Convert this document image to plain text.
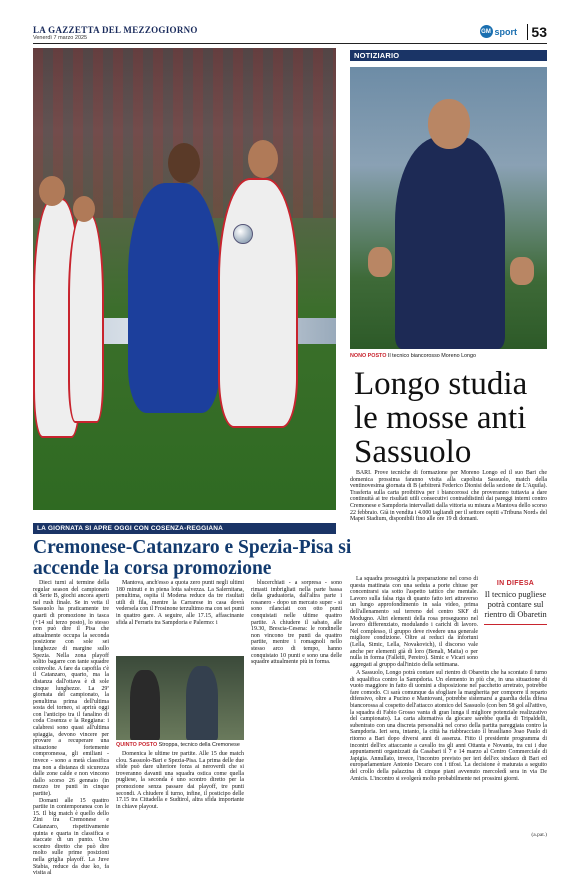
LA GAZZETTA DEL MEZZOGIORNO
Venerdì 7 marzo 2025
GM sport 53
NOTIZIARIO
NONO POSTO Il tecnico biancorosso Moreno Longo
Longo studia le mosse anti Sassuolo

BARI. Prove tecniche di formazione per Moreno Longo ed il suo Bari che domenica prossima faranno visita alla capolista Sassuolo, match della ventinovesima giornata di B (arbitrerà Federico Dionisi della sezione de L'Aquila). Trasferta sulla carta proibitiva per i biancorossi che proveranno tuttavia a dare continuità ai tre risultati utili consecutivi contraddistinti dai pareggi interni contro Cremonese e Sampdoria intervallati dalla vittoria su misura a Mantova dello scorso 22 febbraio. Già in vendita i 4.000 tagliandi per il settore ospiti «Tribuna Nord» del Mapei Stadium, disponibili fino alle ore 19 di domani.

La squadra proseguirà la preparazione nel corso di questa mattinata con una seduta a porte chiuse per concentrarsi sia sotto l'aspetto tattico che mentale. Lavoro sulla falsa riga di quanto fatto ieri attraverso un lungo approfondimento in sala video, prima dell'allenamento sul terreno del centro SKF di Modugno. Altri elementi della rosa proseguono nel lavoro differenziato, modulando i carichi di lavoro. Nel complesso, il gruppo deve rivedere una generale migliore condizione. Oltre ai reduci da infortuni (Lella, Simic, Lella, Novakovich), il discorso vale anche per elementi già di loro (Benali, Maita) o per nulla in forma (Falletti, Pereiro). Simic e Vicari sono aggregati al gruppo dall'inizio della settimana.

IN DIFESA
Il tecnico pugliese potrà contare sul rientro di Obaretin

A Sassuolo, Longo potrà contare sul rientro di Obaretin che ha scontato il turno di squalifica contro la Sampdoria. Un elemento in più che, in una situazione di vuoto maggiore in fatto di uomini a disposizione nel pacchetto arretrato, potrebbe fare comodo. Ci sarà comunque da sfogliare la margherita per comporre il reparto difensivo, oltre a Pucino e Mantovani, potrebbe sistemarsi a guardia della difesa biancorossa al cospetto dell'attacco atomico del Sassuolo (con ben 58 gol all'attivo, la squadra di Fabio Grosso vanta di gran lunga il migliore potenziale realizzativo del campionato). La carta alternativa da giocare sarebbe quella di Tripaldelli, subentrato con una discreta personalità nel corso della partita pareggiata contro la Sampdoria. Ieri sera, intanto, la città ha riabbracciato il brasiliano Joao Paulo di ritorno a Bari dopo diversi anni di assenza. Fitto il presidente programma di incontri dell'ex attaccante a cavallo tra gli anni Ottanta e Novanta, tra cui i due appuntamenti organizzati da Casabari il 7 e 14 marzo al Centro Commerciale di Japigia. Annullato, invece, l'incontro previsto per ieri dell'ex sindaco di Bari ed europarlamentare Antonio Decaro con i tifosi. La decisione è maturata a seguito del crollo della palazzina di cinque piani avvenuto mercoledì sera in via De Amicis. L'incontro si svolgerà molto probabilmente nei prossimi giorni.

(a.pat.)
LA GIORNATA SI APRE OGGI CON COSENZA-REGGIANA
Cremonese-Catanzaro e Spezia-Pisa si accende la corsa promozione

Dieci turni al termine della regular season del campionato di Serie B, giochi ancora aperti nel rush finale. Se in vetta il Sassuolo ha praticamente tre quarti di promozione in tasca (+14 sul terzo posto), lo stesso non può dire il Pisa che attualmente occupa la seconda posizione con sole sei lunghezze di margine sullo Spezia. Nella zona playoff solito bagarre con tante squadre coinvolte. A fare da capofila c'è il Catanzaro, quarto, ma la distanza dall'ottava è di sole cinque lunghezze. La 29ª giornata del campionato, la penultima prima dell'ultima sosta del torneo, si aprirà oggi con l'anticipo tra il fanalino di coda Cosenza e la Reggiana: i calabresi sono quasi all'ultima spiaggia, devono vincere per provare a recuperare una situazione fortemente compromessa, gli emiliani - invece - sono a metà classifica ma non a distanza di sicurezza dalle zone calde e non vincono dallo scorso 26 gennaio (in mezzo tre punti in cinque partite).

Domani alle 15 quattro partite in contemporanea con le 15. Il big match è quello dello Zini tra Cremonese e Catanzaro, rispettivamente quinta e quarta in classifica e staccate di un punto. Uno scontro diretto che può dire molto sulle prime posizioni nella griglia playoff. La Juve Stabia, reduce da due ko, fa visita al

Mantova, anch'esso a quota zero punti negli ultimi 180 minuti e in piena lotta salvezza. La Salernitana, penultima, ospita il Modena reduce da tre risultati utili di fila, mentre la Carrarese in casa dovrà vedersela con il Frosinone terzultimo ma con sei punti in quattro gare. A seguire, alle 17.15, affascinante sfida al Ferraris tra Sampdoria e Palermo: i

QUINTO POSTO Stroppa, tecnico della Cremonese

Domenica le ultime tre partite. Alle 15 due match clou. Sassuolo-Bari e Spezia-Pisa. La prima delle due sfide può dare ulteriore forza ai neroverdi che si troveranno davanti una squadra ostica come quella pugliese, la seconda è uno scontro diretto per la promozione senza passare dai playoff, tre punti secondi. A chiudere il turno, infine, il posticipo delle 17.15 tra Cittadella e Sudtirol, altra sfida importante in chiave playout.

blucerchiati - a sorpresa - sono rimasti imbrigliati nella parte bassa della graduatoria, dall'altra parte i rosanero - dopo un mercato super - si sono rilanciati con otto punti conquistati nelle ultime quattro partite. A chiudere il sabato, alle 19.30, Brescia-Cesena: le rondinelle non vincono tre punti da quattro partite, mentre i romagnoli nello stesso arco di tempo, hanno conquistato 10 punti e sono una delle squadre attualmente più in forma.
